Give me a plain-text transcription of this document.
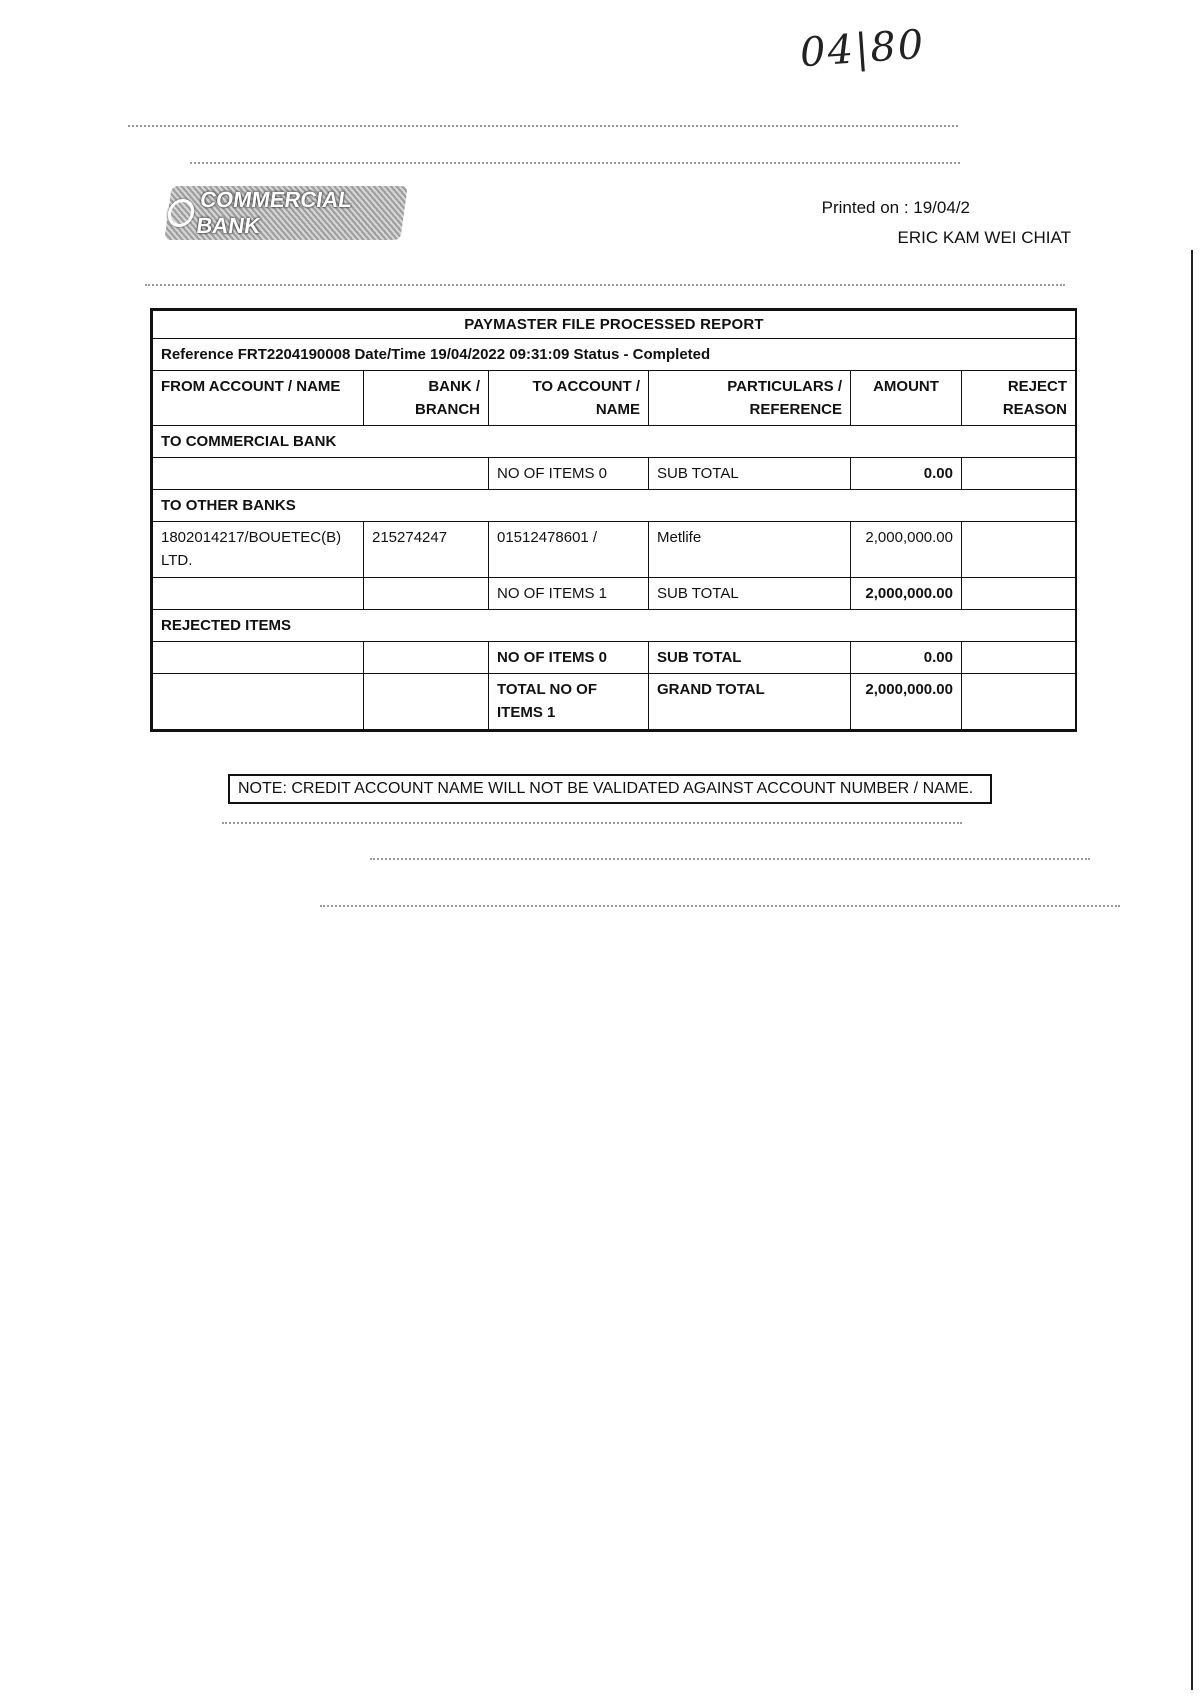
04|80
COMMERCIAL BANK
Printed on : 19/04/2
ERIC KAM WEI CHIAT
PAYMASTER FILE PROCESSED REPORT					
Reference FRT2204190008 Date/Time 19/04/2022 09:31:09 Status - Completed					
FROM ACCOUNT / NAME	BANK / BRANCH	TO ACCOUNT / NAME	PARTICULARS / REFERENCE	AMOUNT	REJECT REASON
TO COMMERCIAL BANK					
		NO OF ITEMS 0	SUB TOTAL	0.00	
TO OTHER BANKS					
1802014217/BOUETEC(B) LTD.	215274247	01512478601 /	Metlife	2,000,000.00	
		NO OF ITEMS 1	SUB TOTAL	2,000,000.00	
REJECTED ITEMS					
		NO OF ITEMS 0	SUB TOTAL	0.00	
		TOTAL NO OF ITEMS 1	GRAND TOTAL	2,000,000.00	
NOTE: CREDIT ACCOUNT NAME WILL NOT BE VALIDATED AGAINST ACCOUNT NUMBER / NAME.
